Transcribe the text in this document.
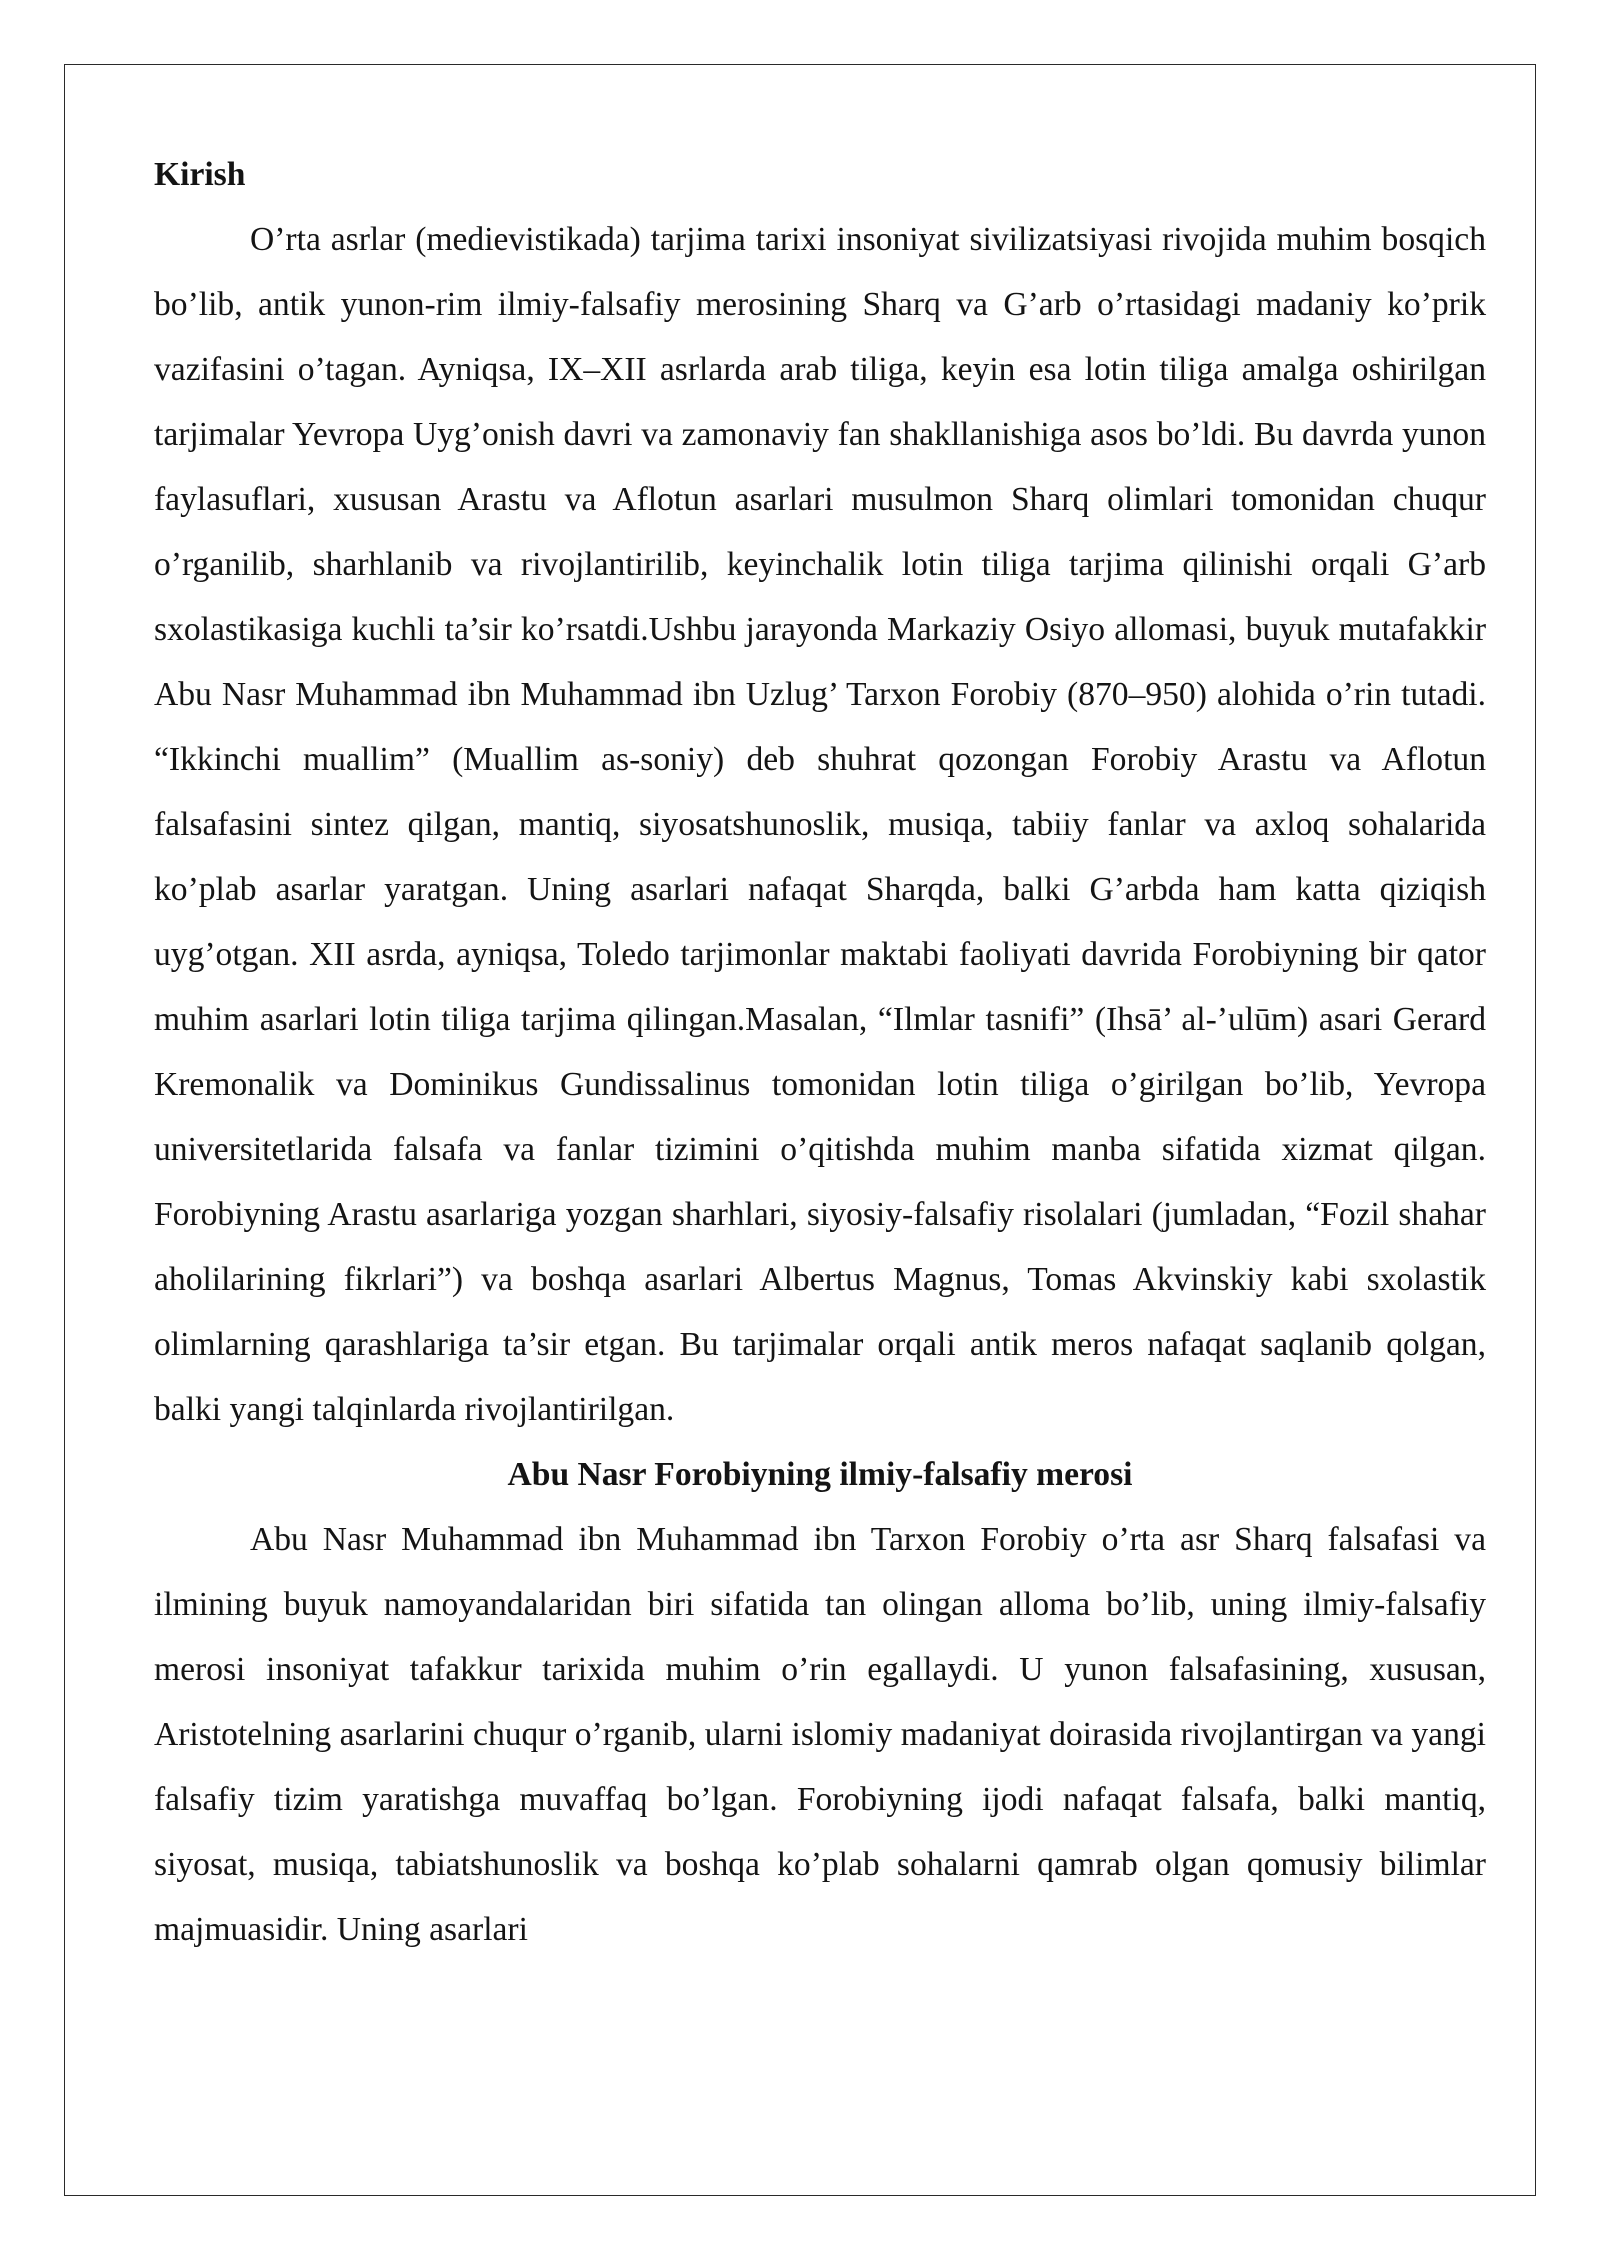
Kirish

O’rta asrlar (medievistikada) tarjima tarixi insoniyat sivilizatsiyasi rivojida muhim bosqich bo’lib, antik yunon-rim ilmiy-falsafiy merosining Sharq va G’arb o’rtasidagi madaniy ko’prik vazifasini o’tagan. Ayniqsa, IX–XII asrlarda arab tiliga, keyin esa lotin tiliga amalga oshirilgan tarjimalar Yevropa Uyg’onish davri va zamonaviy fan shakllanishiga asos bo’ldi. Bu davrda yunon faylasuflari, xususan Arastu va Aflotun asarlari musulmon Sharq olimlari tomonidan chuqur o’rganilib, sharhlanib va rivojlantirilib, keyinchalik lotin tiliga tarjima qilinishi orqali G’arb sxolastikasiga kuchli ta’sir ko’rsatdi.Ushbu jarayonda Markaziy Osiyo allomasi, buyuk mutafakkir Abu Nasr Muhammad ibn Muhammad ibn Uzlug’ Tarxon Forobiy (870–950) alohida o’rin tutadi. “Ikkinchi muallim” (Muallim as-soniy) deb shuhrat qozongan Forobiy Arastu va Aflotun falsafasini sintez qilgan, mantiq, siyosatshunoslik, musiqa, tabiiy fanlar va axloq sohalarida ko’plab asarlar yaratgan. Uning asarlari nafaqat Sharqda, balki G’arbda ham katta qiziqish uyg’otgan. XII asrda, ayniqsa, Toledo tarjimonlar maktabi faoliyati davrida Forobiyning bir qator muhim asarlari lotin tiliga tarjima qilingan.Masalan, “Ilmlar tasnifi” (Ihsā’ al-’ulūm) asari Gerard Kremonalik va Dominikus Gundissalinus tomonidan lotin tiliga o’girilgan bo’lib, Yevropa universitetlarida falsafa va fanlar tizimini o’qitishda muhim manba sifatida xizmat qilgan. Forobiyning Arastu asarlariga yozgan sharhlari, siyosiy-falsafiy risolalari (jumladan, “Fozil shahar aholilarining fikrlari”) va boshqa asarlari Albertus Magnus, Tomas Akvinskiy kabi sxolastik olimlarning qarashlariga ta’sir etgan. Bu tarjimalar orqali antik meros nafaqat saqlanib qolgan, balki yangi talqinlarda rivojlantirilgan.

Abu Nasr Forobiyning ilmiy-falsafiy merosi

Abu Nasr Muhammad ibn Muhammad ibn Tarxon Forobiy o’rta asr Sharq falsafasi va ilmining buyuk namoyandalaridan biri sifatida tan olingan alloma bo’lib, uning ilmiy-falsafiy merosi insoniyat tafakkur tarixida muhim o’rin egallaydi. U yunon falsafasining, xususan, Aristotelning asarlarini chuqur o’rganib, ularni islomiy madaniyat doirasida rivojlantirgan va yangi falsafiy tizim yaratishga muvaffaq bo’lgan. Forobiyning ijodi nafaqat falsafa, balki mantiq, siyosat, musiqa, tabiatshunoslik va boshqa ko’plab sohalarni qamrab olgan qomusiy bilimlar majmuasidir. Uning asarlari
